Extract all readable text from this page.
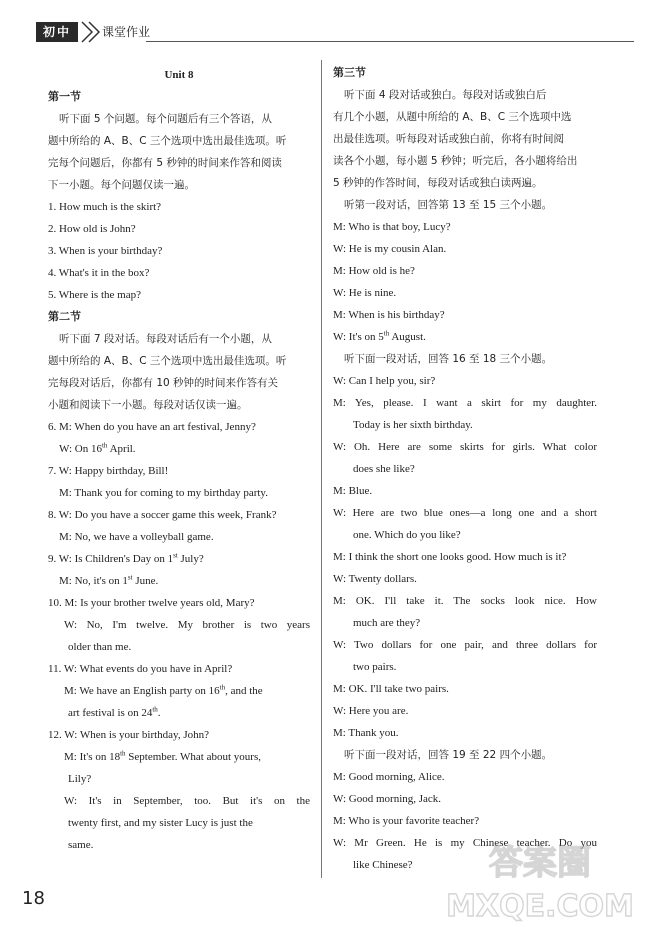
初中	课堂作业
Unit 8
第一节
听下面 5 个问题。每个问题后有三个答语，从
题中所给的 A、B、C 三个选项中选出最佳选项。听
完每个问题后，你都有 5 秒钟的时间来作答和阅读
下一小题。每个问题仅读一遍。
1. How much is the skirt?
2. How old is John?
3. When is your birthday?
4. What's it in the box?
5. Where is the map?
第二节
听下面 7 段对话。每段对话后有一个小题，从
题中所给的 A、B、C 三个选项中选出最佳选项。听
完每段对话后，你都有 10 秒钟的时间来作答有关
小题和阅读下一小题。每段对话仅读一遍。
6. M: When do you have an art festival, Jenny?
W: On 16th April.
7. W: Happy birthday, Bill!
M: Thank you for coming to my birthday party.
8. W: Do you have a soccer game this week, Frank?
M: No, we have a volleyball game.
9. W: Is Children's Day on 1st July?
M: No, it's on 1st June.
10. M: Is your brother twelve years old, Mary?
W: No, I'm twelve. My brother is two years
older than me.
11. W: What events do you have in April?
M: We have an English party on 16th, and the
art festival is on 24th.
12. W: When is your birthday, John?
M: It's on 18th September. What about yours,
Lily?
W: It's in September, too. But it's on the
twenty first, and my sister Lucy is just the
same.
第三节
听下面 4 段对话或独白。每段对话或独白后
有几个小题，从题中所给的 A、B、C 三个选项中选
出最佳选项。听每段对话或独白前，你将有时间阅
读各个小题，每小题 5 秒钟；听完后，各小题将给出
5 秒钟的作答时间，每段对话或独白读两遍。
听第一段对话，回答第 13 至 15 三个小题。
M: Who is that boy, Lucy?
W: He is my cousin Alan.
M: How old is he?
W: He is nine.
M: When is his birthday?
W: It's on 5th August.
听下面一段对话，回答 16 至 18 三个小题。
W: Can I help you, sir?
M: Yes, please. I want a skirt for my daughter.
Today is her sixth birthday.
W: Oh. Here are some skirts for girls. What color
does she like?
M: Blue.
W: Here are two blue ones—a long one and a short
one. Which do you like?
M: I think the short one looks good. How much is it?
W: Twenty dollars.
M: OK. I'll take it. The socks look nice. How
much are they?
W: Two dollars for one pair, and three dollars for
two pairs.
M: OK. I'll take two pairs.
W: Here you are.
M: Thank you.
听下面一段对话，回答 19 至 22 四个小题。
M: Good morning, Alice.
W: Good morning, Jack.
M: Who is your favorite teacher?
W: Mr Green. He is my Chinese teacher. Do you
like Chinese?
18
答案圈
MXQE.COM
